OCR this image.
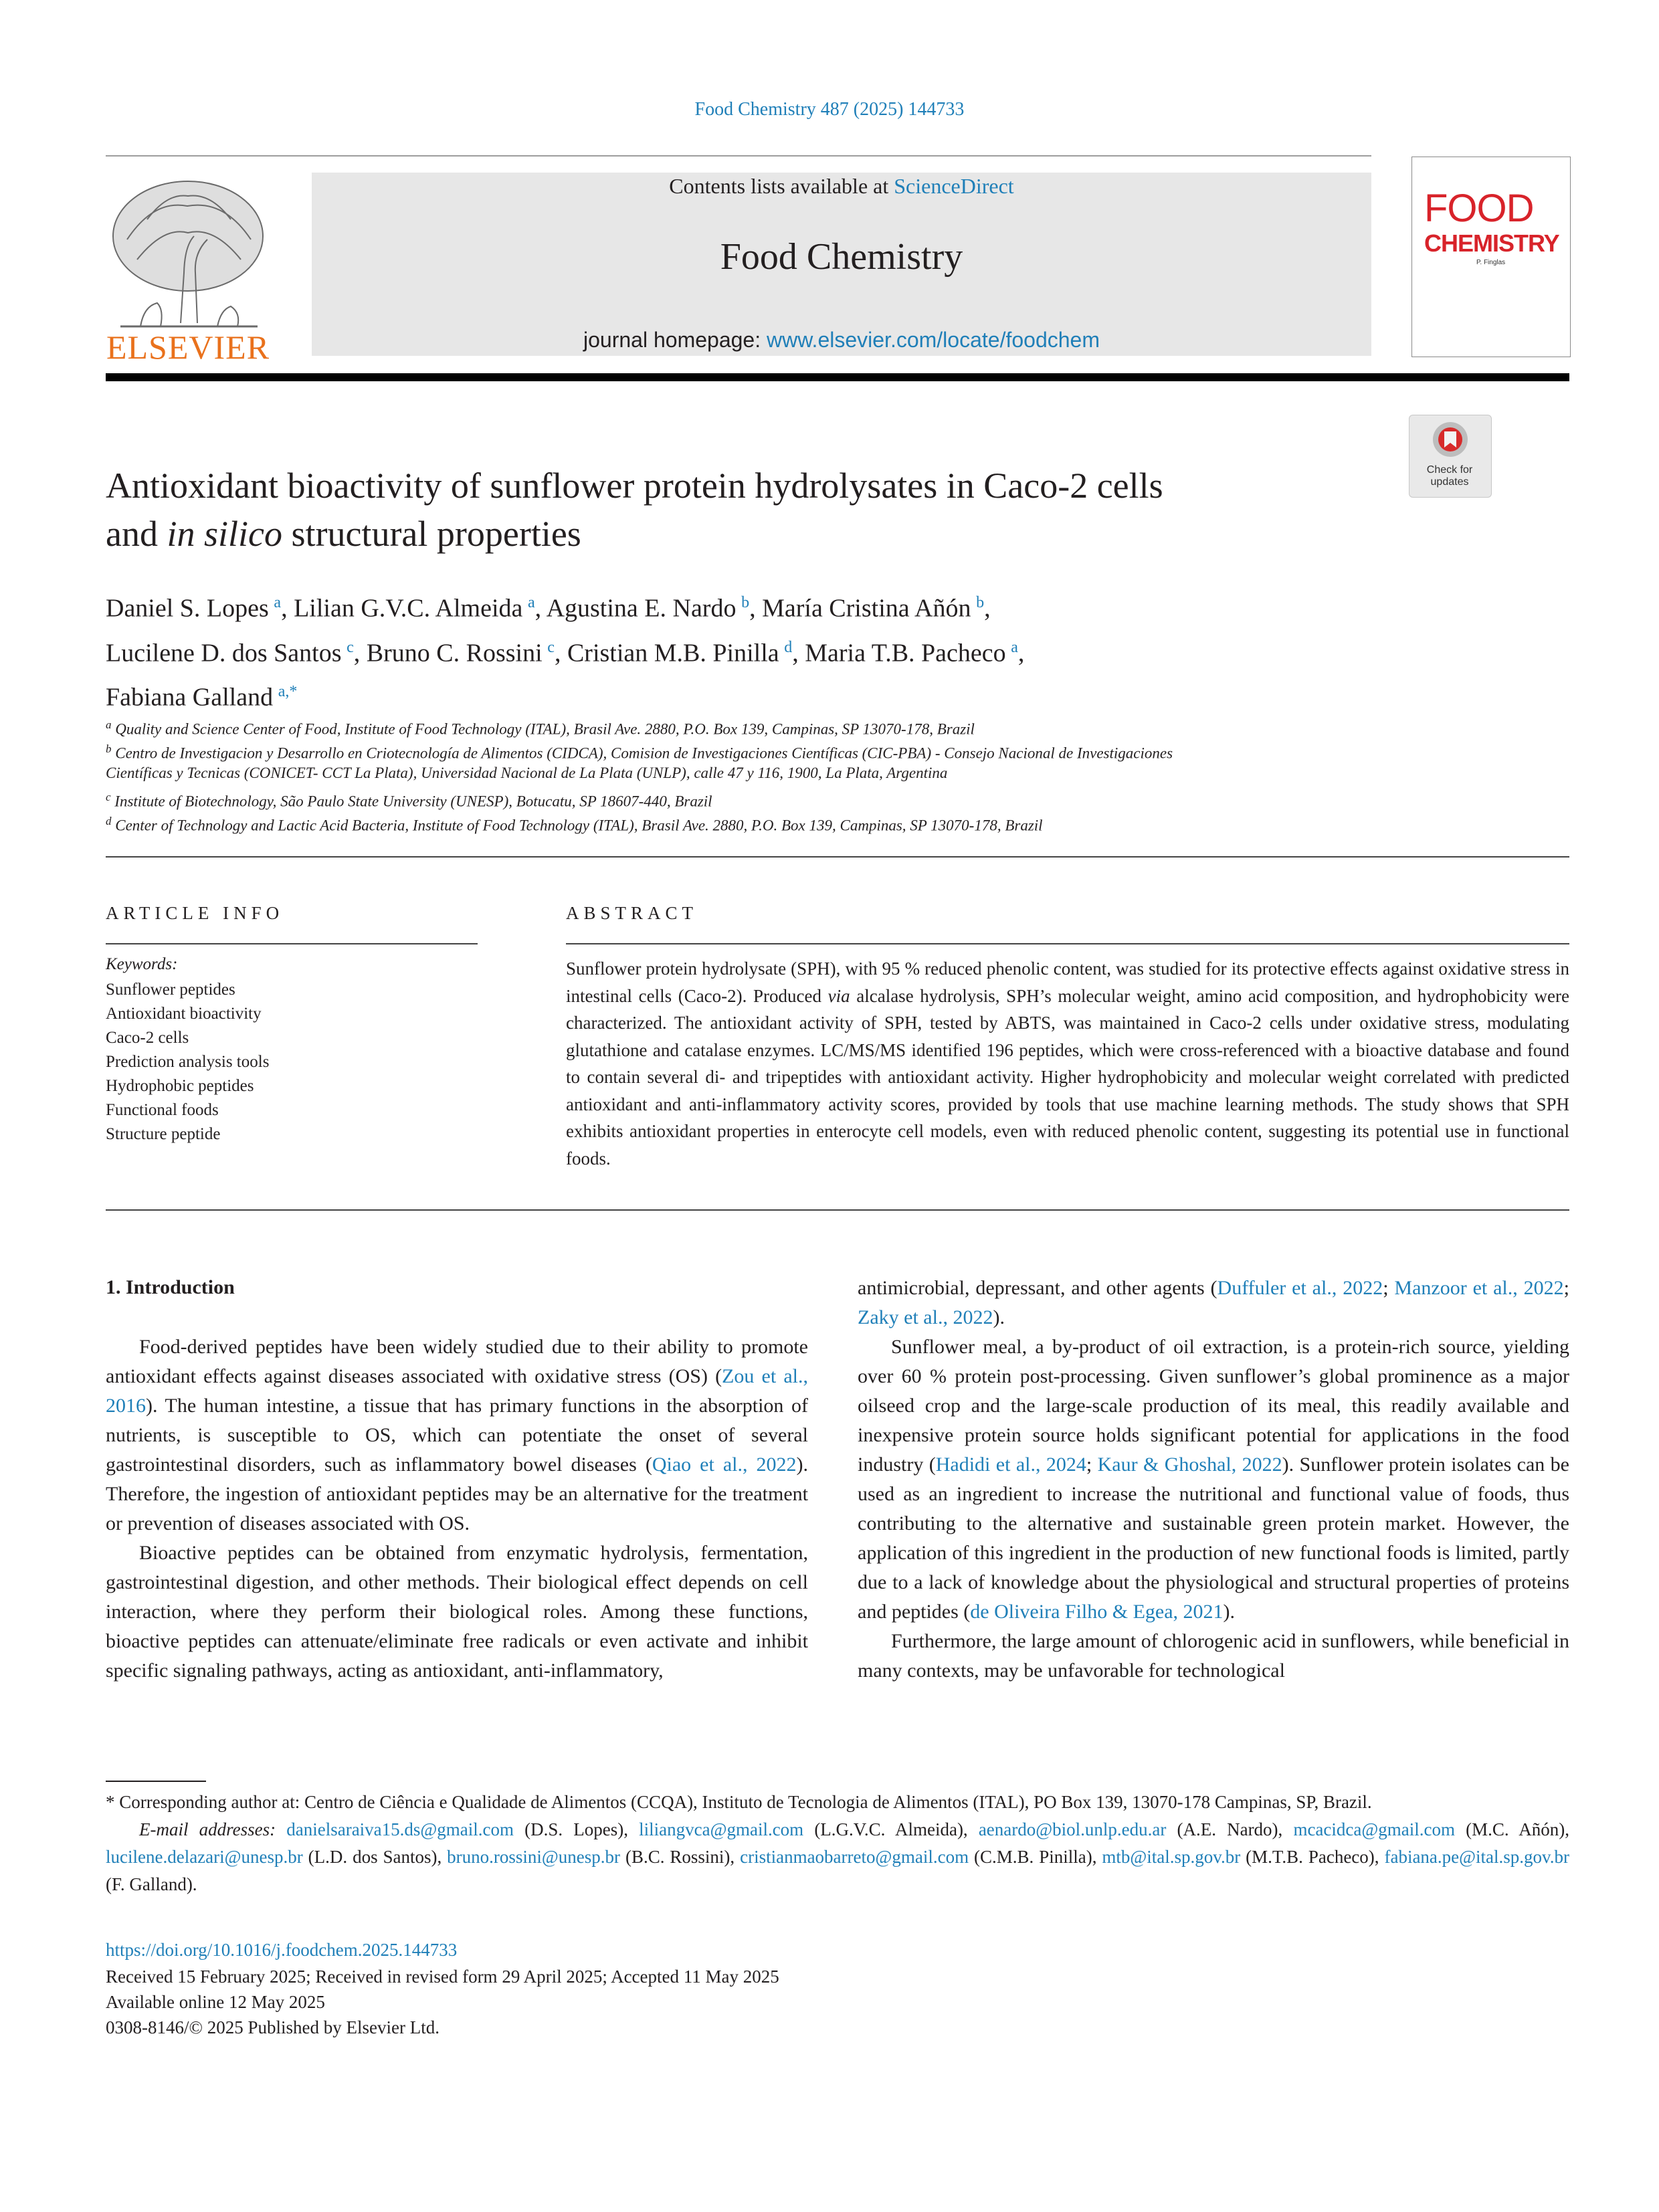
Food Chemistry 487 (2025) 144733
ELSEVIER
Contents lists available at ScienceDirect
Food Chemistry
journal homepage: www.elsevier.com/locate/foodchem
FOOD
CHEMISTRY
P. Finglas
Antioxidant bioactivity of sunflower protein hydrolysates in Caco-2 cells
and in silico structural properties
Check for
updates
Daniel S. Lopes  $^a$, Lilian G.V.C. Almeida  $^a$, Agustina E. Nardo  $^b$, María Cristina Añón  $^b$,
Lucilene D. dos Santos  $^c$, Bruno C. Rossini  $^c$, Cristian M.B. Pinilla  $^d$, Maria T.B. Pacheco  $^a$,
Fabiana Galland  $^{a,*}$
$^a$ Quality and Science Center of Food, Institute of Food Technology (ITAL), Brasil Ave. 2880, P.O. Box 139, Campinas, SP 13070-178, Brazil
$^b$ Centro de Investigacion y Desarrollo en Criotecnología de Alimentos (CIDCA), Comision de Investigaciones Científicas (CIC-PBA) - Consejo Nacional de Investigaciones
Científicas y Tecnicas (CONICET- CCT La Plata), Universidad Nacional de La Plata (UNLP), calle 47 y 116, 1900, La Plata, Argentina
$^c$ Institute of Biotechnology, São Paulo State University (UNESP), Botucatu, SP 18607-440, Brazil
$^d$ Center of Technology and Lactic Acid Bacteria, Institute of Food Technology (ITAL), Brasil Ave. 2880, P.O. Box 139, Campinas, SP 13070-178, Brazil
ARTICLE INFO	ABSTRACT
Keywords:
Sunflower peptides
Antioxidant bioactivity
Caco-2 cells
Prediction analysis tools
Hydrophobic peptides
Functional foods
Structure peptide
Sunflower protein hydrolysate (SPH), with 95 % reduced phenolic content, was studied for its protective effects against oxidative stress in intestinal cells (Caco-2). Produced via alcalase hydrolysis, SPH’s molecular weight, amino acid composition, and hydrophobicity were characterized. The antioxidant activity of SPH, tested by ABTS, was maintained in Caco-2 cells under oxidative stress, modulating glutathione and catalase enzymes. LC/MS/MS identified 196 peptides, which were cross-referenced with a bioactive database and found to contain several di- and tripeptides with antioxidant activity. Higher hydrophobicity and molecular weight correlated with predicted antioxidant and anti-inflammatory activity scores, provided by tools that use machine learning methods. The study shows that SPH exhibits antioxidant properties in enterocyte cell models, even with reduced phenolic content, suggesting its potential use in functional foods.
1. Introduction

Food-derived peptides have been widely studied due to their ability to promote antioxidant effects against diseases associated with oxidative stress (OS) (Zou et al., 2016). The human intestine, a tissue that has primary functions in the absorption of nutrients, is susceptible to OS, which can potentiate the onset of several gastrointestinal disorders, such as inflammatory bowel diseases (Qiao et al., 2022). Therefore, the ingestion of antioxidant peptides may be an alternative for the treatment or prevention of diseases associated with OS.

Bioactive peptides can be obtained from enzymatic hydrolysis, fermentation, gastrointestinal digestion, and other methods. Their biological effect depends on cell interaction, where they perform their biological roles. Among these functions, bioactive peptides can attenuate/eliminate free radicals or even activate and inhibit specific signaling pathways, acting as antioxidant, anti-inflammatory,

antimicrobial, depressant, and other agents (Duffuler et al., 2022; Manzoor et al., 2022; Zaky et al., 2022).

Sunflower meal, a by-product of oil extraction, is a protein-rich source, yielding over 60 % protein post-processing. Given sunflower’s global prominence as a major oilseed crop and the large-scale production of its meal, this readily available and inexpensive protein source holds significant potential for applications in the food industry (Hadidi et al., 2024; Kaur & Ghoshal, 2022). Sunflower protein isolates can be used as an ingredient to increase the nutritional and functional value of foods, thus contributing to the alternative and sustainable green protein market. However, the application of this ingredient in the production of new functional foods is limited, partly due to a lack of knowledge about the physiological and structural properties of proteins and peptides (de Oliveira Filho & Egea, 2021).

Furthermore, the large amount of chlorogenic acid in sunflowers, while beneficial in many contexts, may be unfavorable for technological

* Corresponding author at: Centro de Ciência e Qualidade de Alimentos (CCQA), Instituto de Tecnologia de Alimentos (ITAL), PO Box 139, 13070-178 Campinas, SP, Brazil.
E-mail addresses: danielsaraiva15.ds@gmail.com (D.S. Lopes), liliangvca@gmail.com (L.G.V.C. Almeida), aenardo@biol.unlp.edu.ar (A.E. Nardo), mcacidca@gmail.com (M.C. Añón), lucilene.delazari@unesp.br (L.D. dos Santos), bruno.rossini@unesp.br (B.C. Rossini), cristianmaobarreto@gmail.com (C.M.B. Pinilla), mtb@ital.sp.gov.br (M.T.B. Pacheco), fabiana.pe@ital.sp.gov.br (F. Galland).
https://doi.org/10.1016/j.foodchem.2025.144733
Received 15 February 2025; Received in revised form 29 April 2025; Accepted 11 May 2025
Available online 12 May 2025
0308-8146/© 2025 Published by Elsevier Ltd.
